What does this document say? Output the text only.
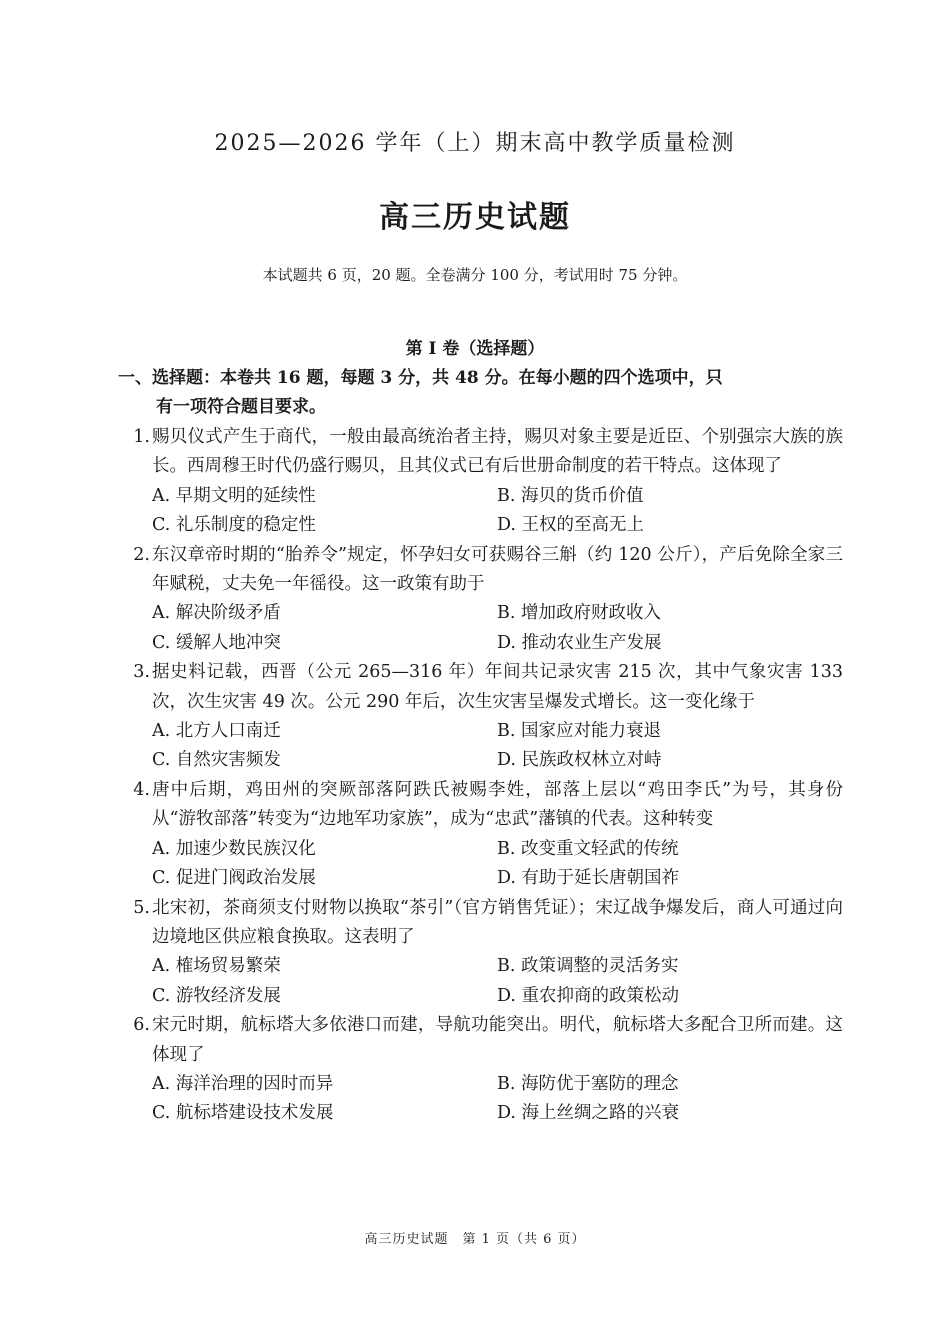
2025—2026 学年（上）期末高中教学质量检测
高三历史试题
本试题共 6 页，20 题。全卷满分 100 分，考试用时 75 分钟。
第 I 卷（选择题）
一、选择题：本卷共 16 题，每题 3 分，共 48 分。在每小题的四个选项中，只
有一项符合题目要求。
1. 赐贝仪式产生于商代，一般由最高统治者主持，赐贝对象主要是近臣、个别强宗大族的族长。西周穆王时代仍盛行赐贝，且其仪式已有后世册命制度的若干特点。这体现了
A. 早期文明的延续性	B. 海贝的货币价值
C. 礼乐制度的稳定性	D. 王权的至高无上
2. 东汉章帝时期的“胎养令”规定，怀孕妇女可获赐谷三斛（约 120 公斤），产后免除全家三年赋税，丈夫免一年徭役。这一政策有助于
A. 解决阶级矛盾	B. 增加政府财政收入
C. 缓解人地冲突	D. 推动农业生产发展
3. 据史料记载，西晋（公元 265—316 年）年间共记录灾害 215 次，其中气象灾害 133 次，次生灾害 49 次。公元 290 年后，次生灾害呈爆发式增长。这一变化缘于
A. 北方人口南迁	B. 国家应对能力衰退
C. 自然灾害频发	D. 民族政权林立对峙
4. 唐中后期，鸡田州的突厥部落阿跌氏被赐李姓，部落上层以“鸡田李氏”为号，其身份从“游牧部落”转变为“边地军功家族”，成为“忠武”藩镇的代表。这种转变
A. 加速少数民族汉化	B. 改变重文轻武的传统
C. 促进门阀政治发展	D. 有助于延长唐朝国祚
5. 北宋初，茶商须支付财物以换取“茶引”（官方销售凭证）；宋辽战争爆发后，商人可通过向边境地区供应粮食换取。这表明了
A. 榷场贸易繁荣	B. 政策调整的灵活务实
C. 游牧经济发展	D. 重农抑商的政策松动
6. 宋元时期，航标塔大多依港口而建，导航功能突出。明代，航标塔大多配合卫所而建。这体现了
A. 海洋治理的因时而异	B. 海防优于塞防的理念
C. 航标塔建设技术发展	D. 海上丝绸之路的兴衰
高三历史试题　第 1 页（共 6 页）
